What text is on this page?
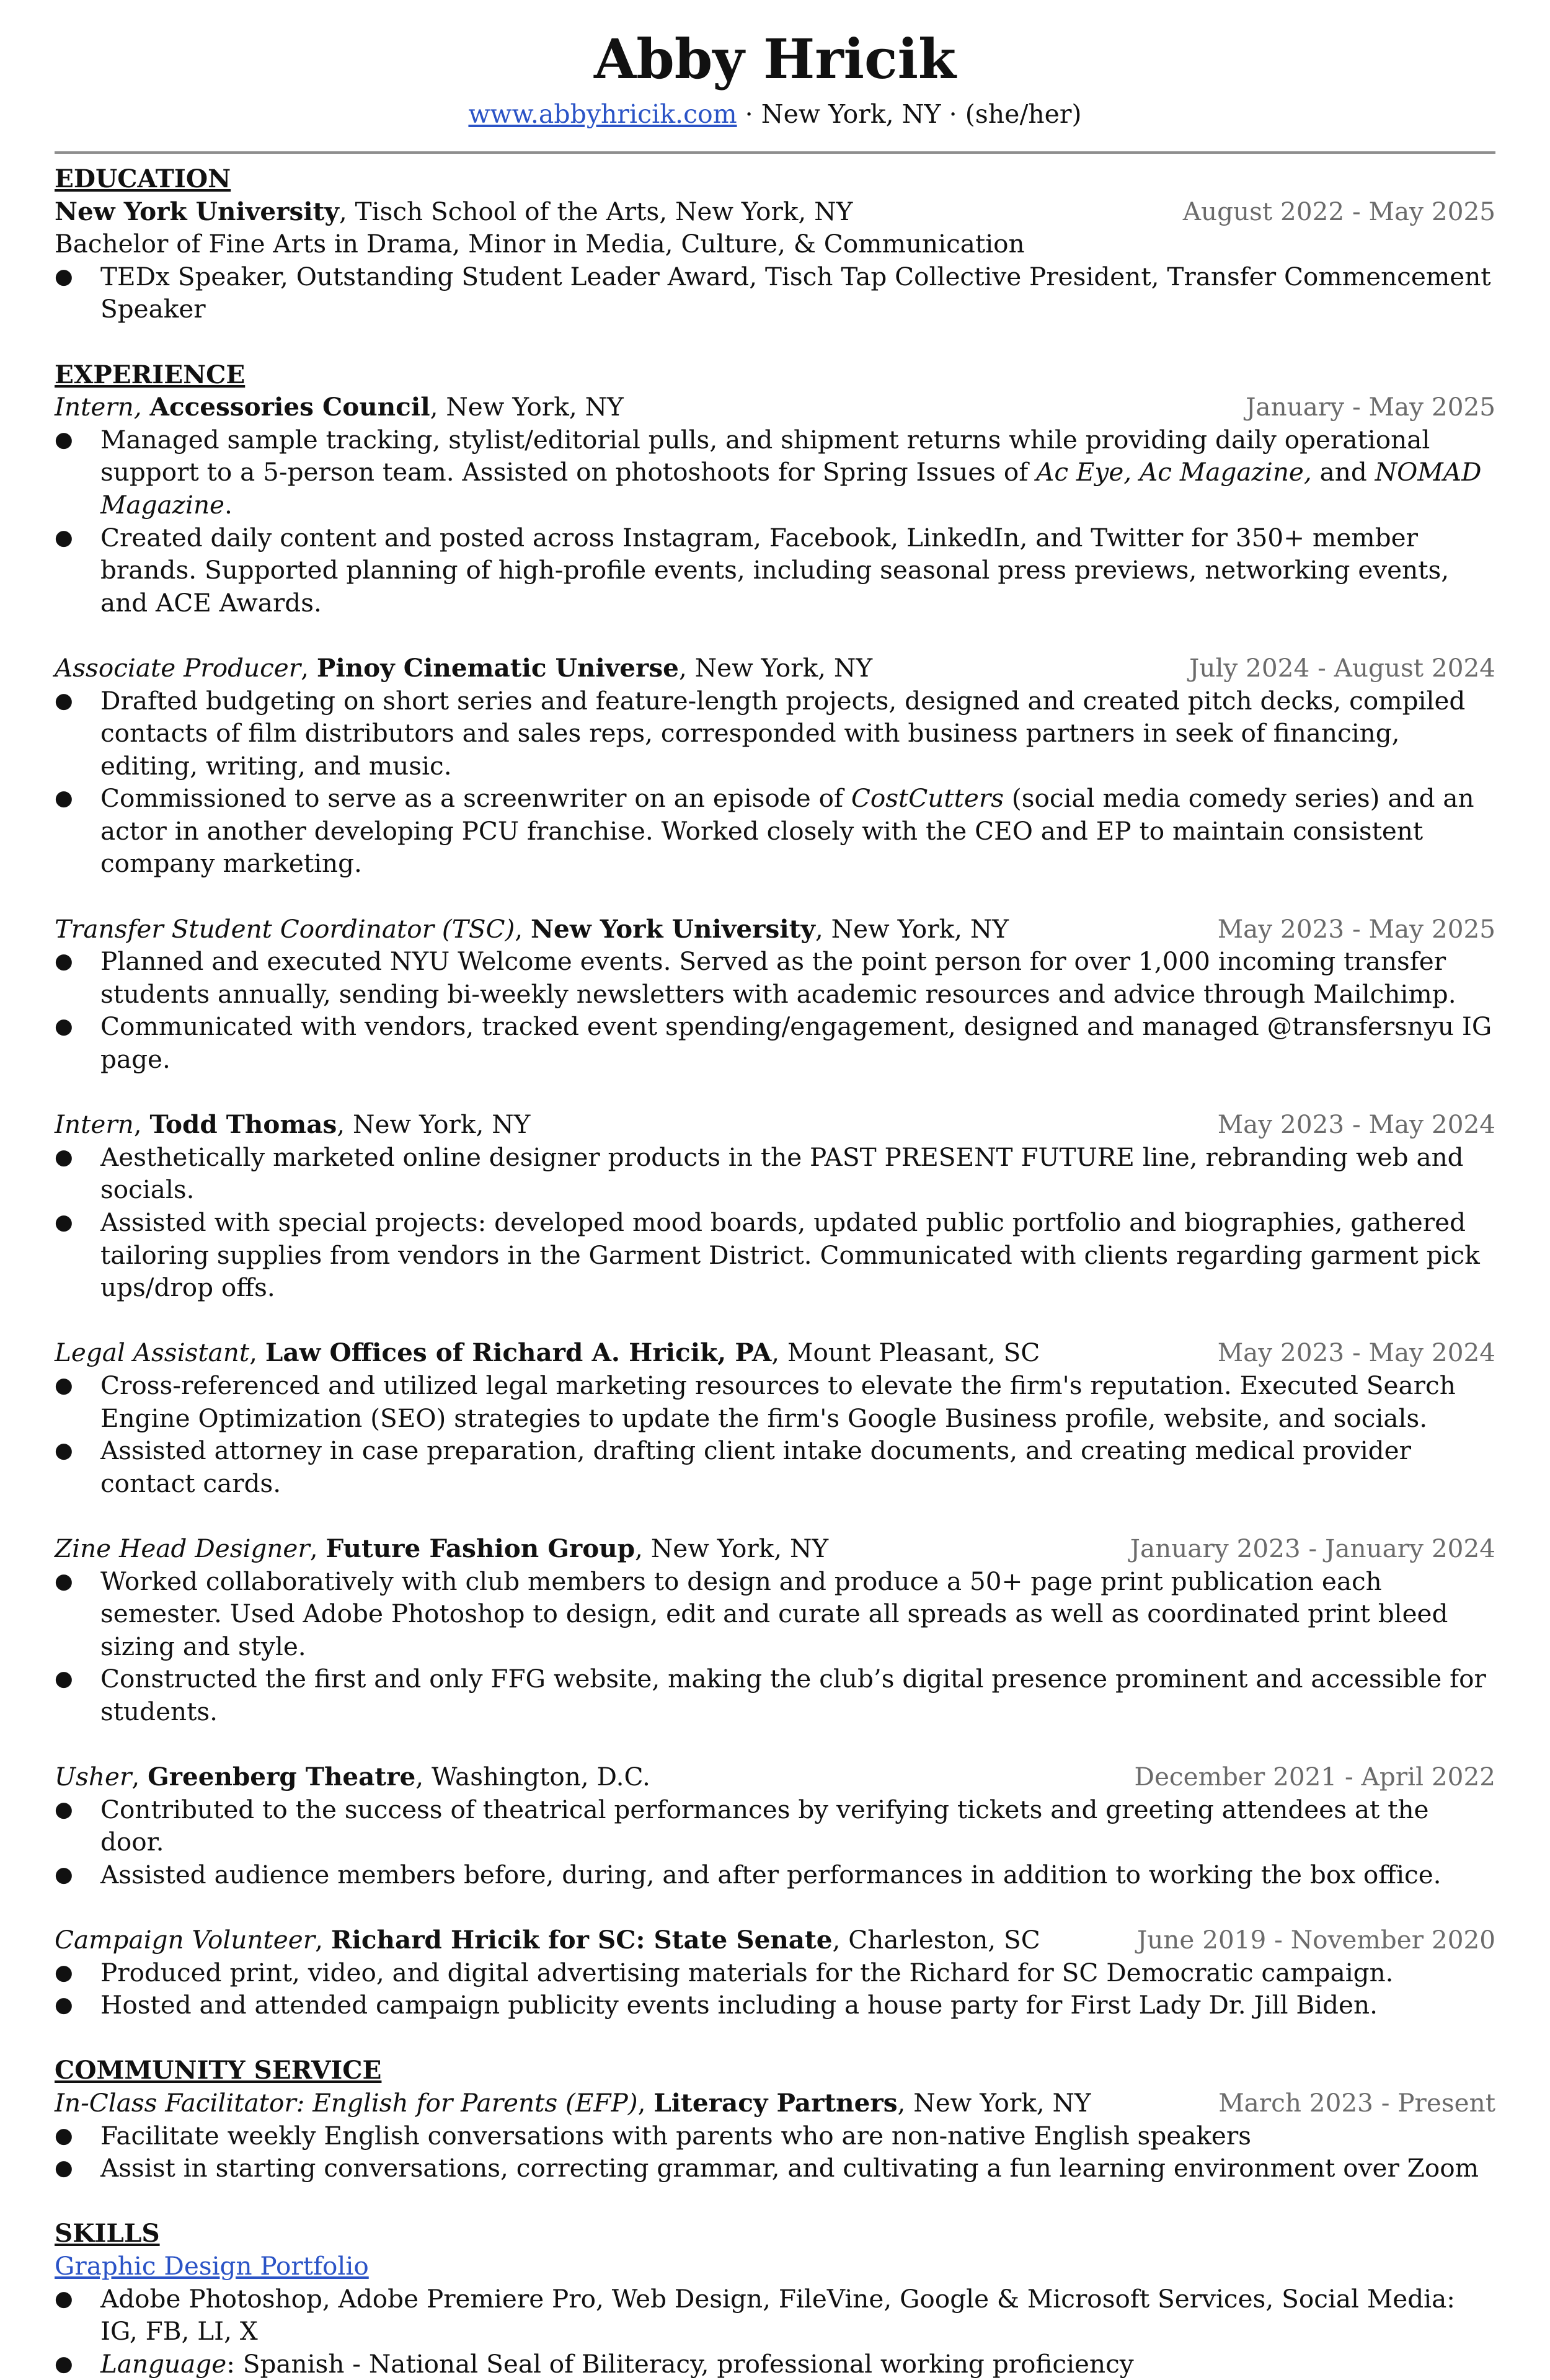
Abby Hricik
www.abbyhricik.com · New York, NY · (she/her)
EDUCATION
New York University, Tisch School of the Arts, New York, NY	August 2022 - May 2025
Bachelor of Fine Arts in Drama, Minor in Media, Culture, & Communication
● TEDx Speaker, Outstanding Student Leader Award, Tisch Tap Collective President, Transfer Commencement Speaker
EXPERIENCE
Intern, Accessories Council, New York, NY	January - May 2025
● Managed sample tracking, stylist/editorial pulls, and shipment returns while providing daily operational support to a 5-person team. Assisted on photoshoots for Spring Issues of Ac Eye, Ac Magazine, and NOMAD Magazine.
● Created daily content and posted across Instagram, Facebook, LinkedIn, and Twitter for 350+ member brands. Supported planning of high-profile events, including seasonal press previews, networking events, and ACE Awards.
Associate Producer, Pinoy Cinematic Universe, New York, NY	July 2024 - August 2024
● Drafted budgeting on short series and feature-length projects, designed and created pitch decks, compiled contacts of film distributors and sales reps, corresponded with business partners in seek of financing, editing, writing, and music.
● Commissioned to serve as a screenwriter on an episode of CostCutters (social media comedy series) and an actor in another developing PCU franchise. Worked closely with the CEO and EP to maintain consistent company marketing.
Transfer Student Coordinator (TSC), New York University, New York, NY	May 2023 - May 2025
● Planned and executed NYU Welcome events. Served as the point person for over 1,000 incoming transfer students annually, sending bi-weekly newsletters with academic resources and advice through Mailchimp.
● Communicated with vendors, tracked event spending/engagement, designed and managed @transfersnyu IG page.
Intern, Todd Thomas, New York, NY	May 2023 - May 2024
● Aesthetically marketed online designer products in the PAST PRESENT FUTURE line, rebranding web and socials.
● Assisted with special projects: developed mood boards, updated public portfolio and biographies, gathered tailoring supplies from vendors in the Garment District. Communicated with clients regarding garment pick ups/drop offs.
Legal Assistant, Law Offices of Richard A. Hricik, PA, Mount Pleasant, SC	May 2023 - May 2024
● Cross-referenced and utilized legal marketing resources to elevate the firm's reputation. Executed Search Engine Optimization (SEO) strategies to update the firm's Google Business profile, website, and socials.
● Assisted attorney in case preparation, drafting client intake documents, and creating medical provider contact cards.
Zine Head Designer, Future Fashion Group, New York, NY	January 2023 - January 2024
● Worked collaboratively with club members to design and produce a 50+ page print publication each semester. Used Adobe Photoshop to design, edit and curate all spreads as well as coordinated print bleed sizing and style.
● Constructed the first and only FFG website, making the club’s digital presence prominent and accessible for students.
Usher, Greenberg Theatre, Washington, D.C.	December 2021 - April 2022
● Contributed to the success of theatrical performances by verifying tickets and greeting attendees at the door.
● Assisted audience members before, during, and after performances in addition to working the box office.
Campaign Volunteer, Richard Hricik for SC: State Senate, Charleston, SC	June 2019 - November 2020
● Produced print, video, and digital advertising materials for the Richard for SC Democratic campaign.
● Hosted and attended campaign publicity events including a house party for First Lady Dr. Jill Biden.
COMMUNITY SERVICE
In-Class Facilitator: English for Parents (EFP), Literacy Partners, New York, NY	March 2023 - Present
● Facilitate weekly English conversations with parents who are non-native English speakers
● Assist in starting conversations, correcting grammar, and cultivating a fun learning environment over Zoom
SKILLS
Graphic Design Portfolio
● Adobe Photoshop, Adobe Premiere Pro, Web Design, FileVine, Google & Microsoft Services, Social Media: IG, FB, LI, X
● Language: Spanish - National Seal of Biliteracy, professional working proficiency
